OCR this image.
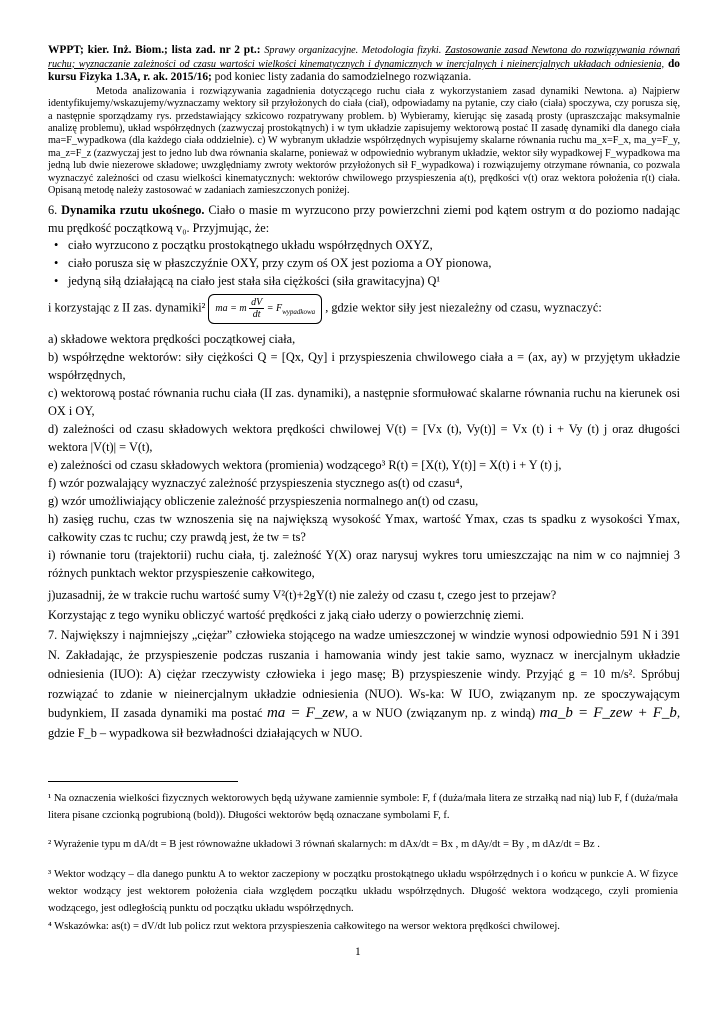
WPPT; kier. Inż. Biom.; lista zad. nr 2 pt.: Sprawy organizacyjne. Metodologia fizyki. Zastosowanie zasad Newtona do rozwiązywania równań ruchu; wyznaczanie zależności od czasu wartości wielkości kinematycznych i dynamicznych w inercjalnych i nieinercjalnych układach odniesienia, do kursu Fizyka 1.3A, r. ak. 2015/16; pod koniec listy zadania do samodzielnego rozwiązania.

Metoda analizowania i rozwiązywania zagadnienia dotyczącego ruchu ciała z wykorzystaniem zasad dynamiki Newtona. a) Najpierw identyfikujemy/wskazujemy/wyznaczamy wektory sił przyłożonych do ciała (ciał), odpowiadamy na pytanie, czy ciało (ciała) spoczywa, czy porusza się, a następnie sporządzamy rys. przedstawiający szkicowo rozpatrywany problem. b) Wybieramy, kierując się zasadą prosty (upraszczając maksymalnie analizę problemu), układ współrzędnych (zazwyczaj prostokątnych) i w tym układzie zapisujemy wektorową postać II zasadę dynamiki dla danego ciała ma=F_wypadkowa (dla każdego ciała oddzielnie). c) W wybranym układzie współrzędnych wypisujemy skalarne równania ruchu ma_x=F_x, ma_y=F_y, ma_z=F_z (zazwyczaj jest to jedno lub dwa równania skalarne, ponieważ w odpowiednio wybranym układzie, wektor siły wypadkowej F_wypadkowa ma jedną lub dwie niezerowe składowe; uwzględniamy zwroty wektorów przyłożonych sił F_wypadkowa) i rozwiązujemy otrzymane równania, co pozwala wyznaczyć zależności od czasu wielkości kinematycznych: wektorów chwilowego przyspieszenia a(t), prędkości v(t) oraz wektora położenia r(t) ciała. Opisaną metodę należy zastosować w zadaniach zamieszczonych poniżej.

6. Dynamika rzutu ukośnego. Ciało o masie m wyrzucono przy powierzchni ziemi pod kątem ostrym α do poziomo nadając mu prędkość początkową v₀. Przyjmując, że:

• ciało wyrzucono z początku prostokątnego układu współrzędnych OXYZ,
• ciało porusza się w płaszczyźnie OXY, przy czym oś OX jest pozioma a OY pionowa,
• jedyną siłą działającą na ciało jest stała siła ciężkości (siła grawitacyjna) Q¹

i korzystając z II zas. dynamiki² ma = m $\frac{dV}{dt} = F_{wypadkowa}$ , gdzie wektor siły jest niezależny od czasu, wyznaczyć:

a) składowe wektora prędkości początkowej ciała,

b) współrzędne wektorów: siły ciężkości Q = [Qx, Qy] i przyspieszenia chwilowego ciała a = (ax, ay) w przyjętym układzie współrzędnych,

c) wektorową postać równania ruchu ciała (II zas. dynamiki), a następnie sformułować skalarne równania ruchu na kierunek osi OX i OY,

d) zależności od czasu składowych wektora prędkości chwilowej V(t) = [Vx (t), Vy(t)] = Vx (t) i + Vy (t) j oraz długości wektora |V(t)| = V(t),

e) zależności od czasu składowych wektora (promienia) wodzącego³ R(t) = [X(t), Y(t)] = X(t) i + Y (t) j,

f) wzór pozwalający wyznaczyć zależność przyspieszenia stycznego as(t) od czasu⁴,

g) wzór umożliwiający obliczenie zależność przyspieszenia normalnego an(t) od czasu,

h) zasięg ruchu, czas tw wznoszenia się na największą wysokość Ymax, wartość Ymax, czas ts spadku z wysokości Ymax, całkowity czas tc ruchu; czy prawdą jest, że tw = ts?

i) równanie toru (trajektorii) ruchu ciała, tj. zależność Y(X) oraz narysuj wykres toru umieszczając na nim w co najmniej 3 różnych punktach wektor przyspieszenie całkowitego,

j)uzasadnij, że w trakcie ruchu wartość sumy V²(t)+2gY(t) nie zależy od czasu t, czego jest to przejaw?

Korzystając z tego wyniku obliczyć wartość prędkości z jaką ciało uderzy o powierzchnię ziemi.

7. Największy i najmniejszy „ciężar” człowieka stojącego na wadze umieszczonej w windzie wynosi odpowiednio 591 N i 391 N. Zakładając, że przyspieszenie podczas ruszania i hamowania windy jest takie samo, wyznacz w inercjalnym układzie odniesienia (IUO): A) ciężar rzeczywisty człowieka i jego masę; B) przyspieszenie windy. Przyjąć g = 10 m/s². Spróbuj rozwiązać to zdanie w nieinercjalnym układzie odniesienia (NUO). Ws-ka: W IUO, związanym np. ze spoczywającym budynkiem, II zasada dynamiki ma postać ma = F_zew, a w NUO (związanym np. z windą) ma_b = F_zew + F_b, gdzie F_b – wypadkowa sił bezwładności działających w NUO.

¹ Na oznaczenia wielkości fizycznych wektorowych będą używane zamiennie symbole: F, f (duża/mała litera ze strzałką nad nią) lub F, f (duża/mała litera pisane czcionką pogrubioną (bold)). Długości wektorów będą oznaczane symbolami F, f.

² Wyrażenie typu m dA/dt = B jest równoważne układowi 3 równań skalarnych: m dAx/dt = Bx , m dAy/dt = By , m dAz/dt = Bz .

³ Wektor wodzący – dla danego punktu A to wektor zaczepiony w początku prostokątnego układu współrzędnych i o końcu w punkcie A. W fizyce wektor wodzący jest wektorem położenia ciała względem początku układu współrzędnych. Długość wektora wodzącego, czyli promienia wodzącego, jest odległością punktu od początku układu współrzędnych.

⁴ Wskazówka: as(t) = dV/dt lub policz rzut wektora przyspieszenia całkowitego na wersor wektora prędkości chwilowej.

1
